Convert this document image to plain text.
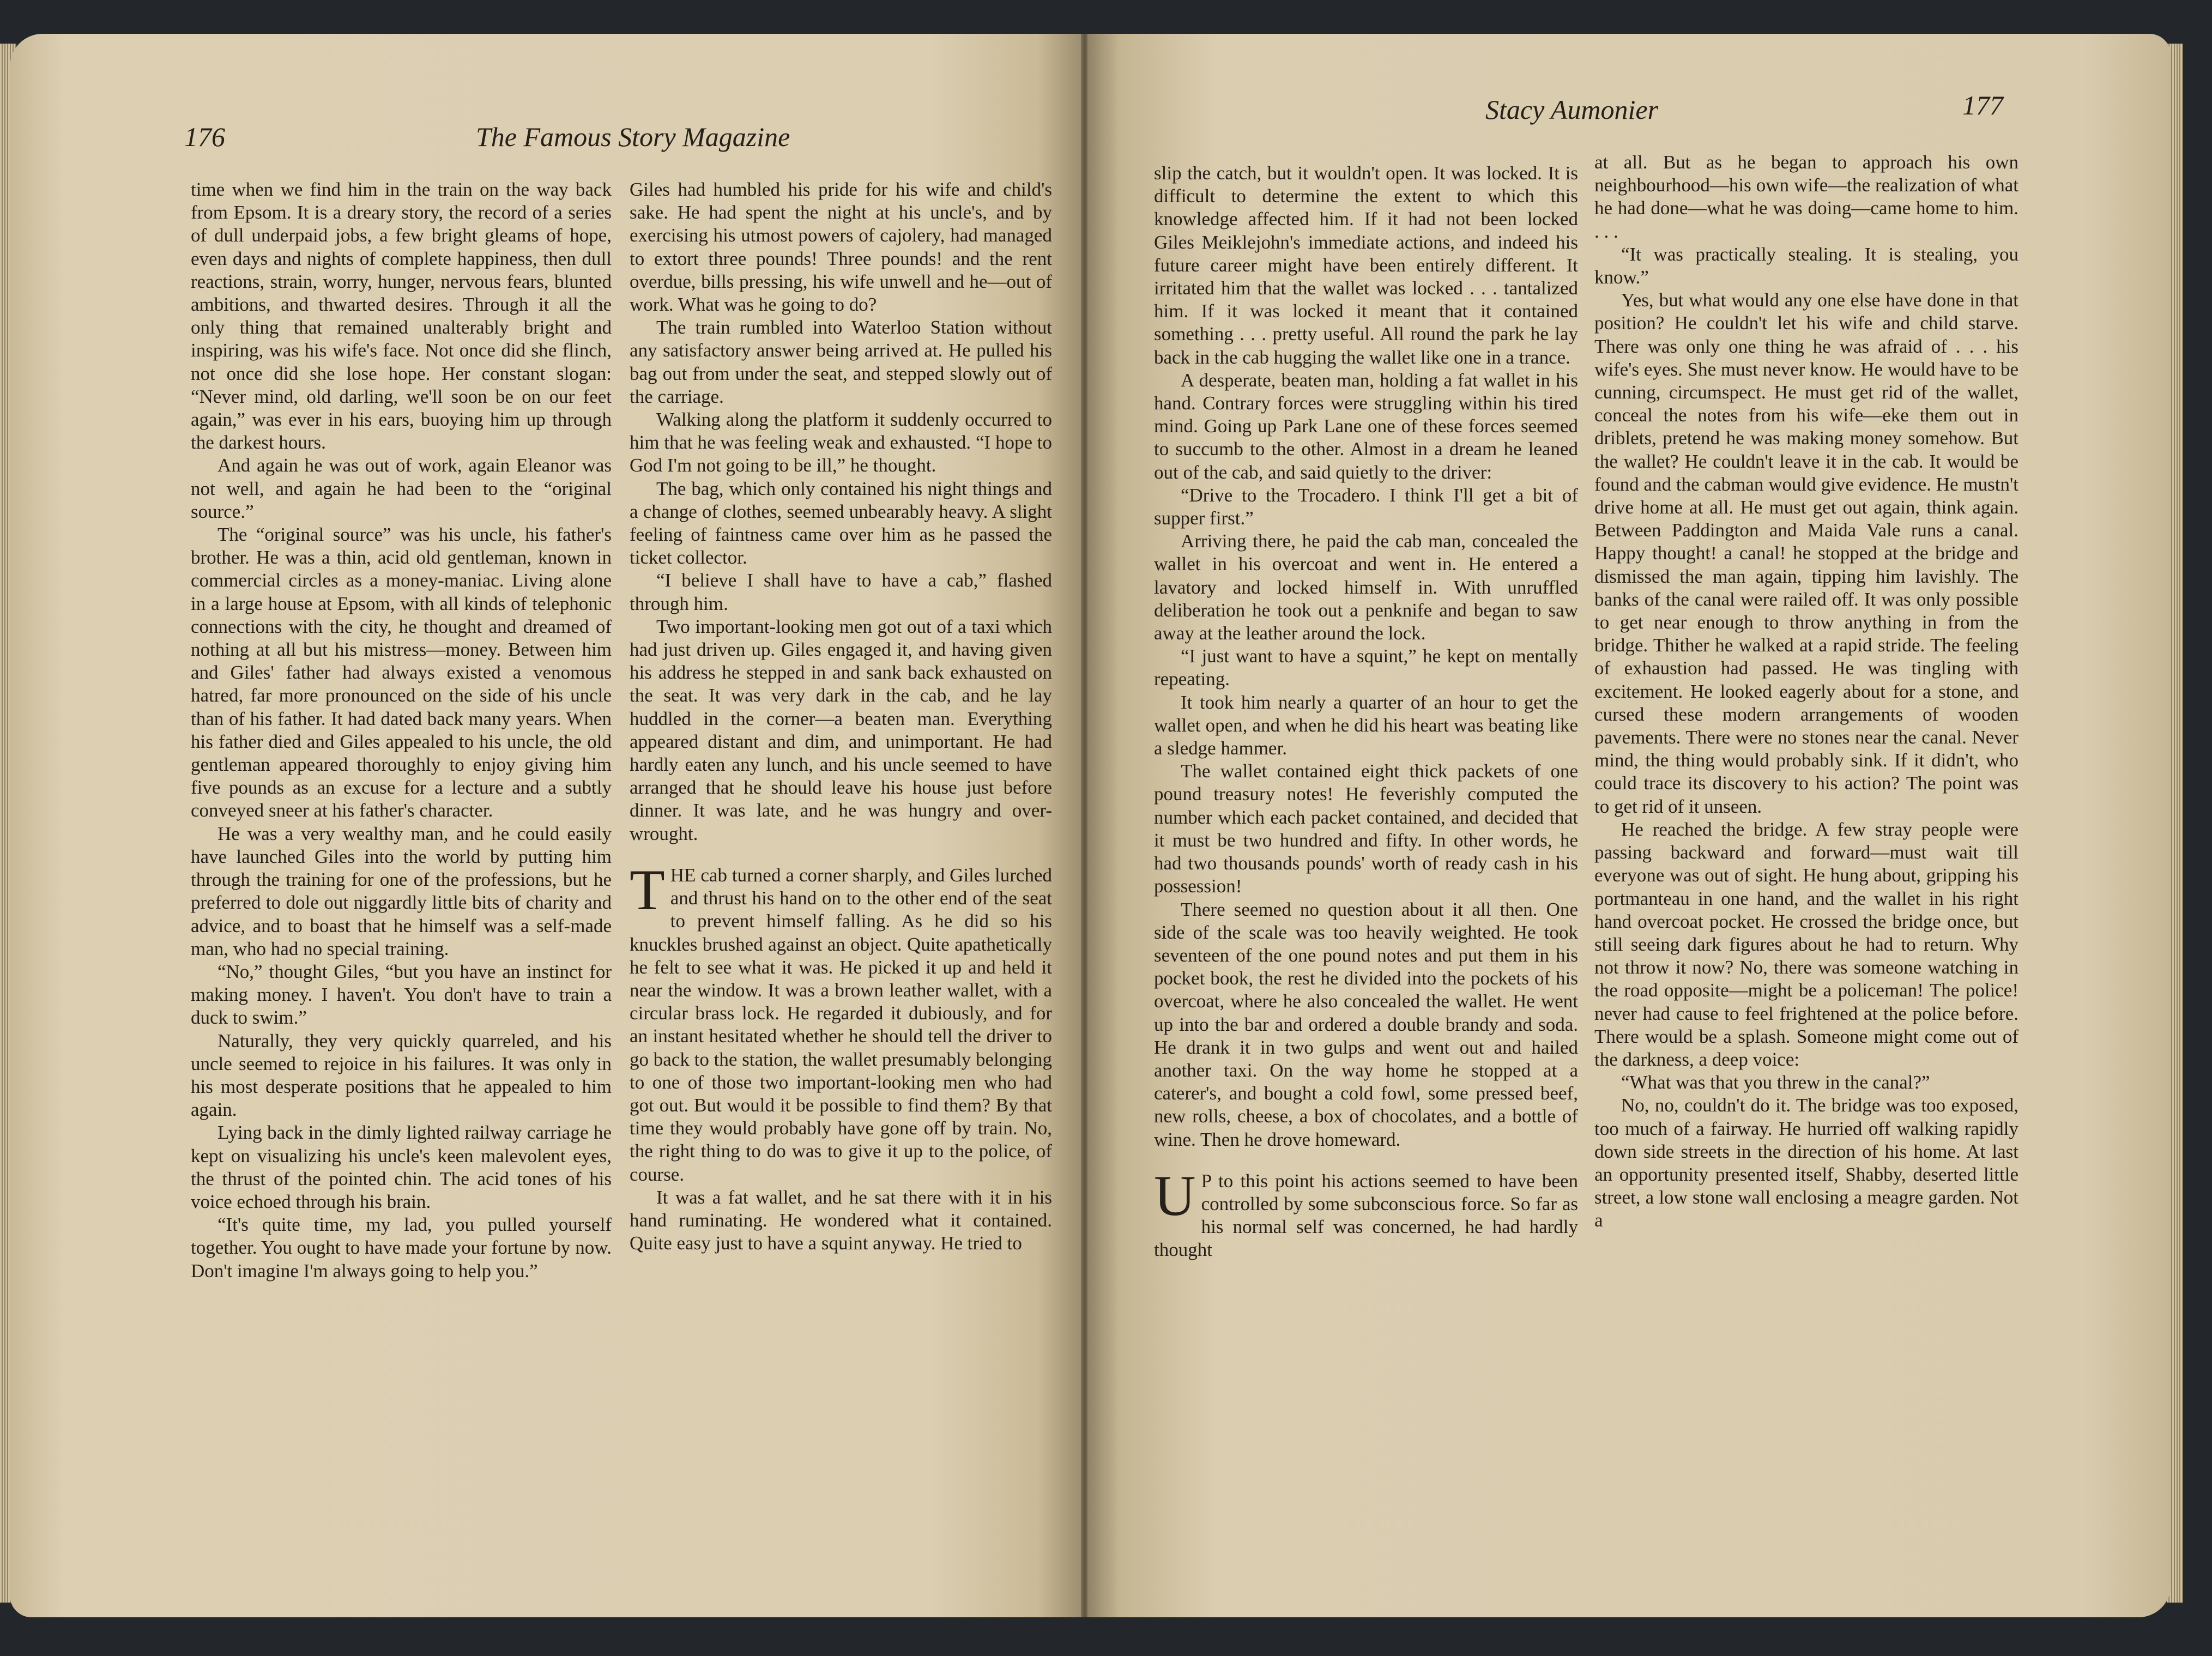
176	The Famous Story Magazine

time when we find him in the train on the way back from Epsom. It is a dreary story, the record of a series of dull underpaid jobs, a few bright gleams of hope, even days and nights of complete happiness, then dull reactions, strain, worry, hunger, nervous fears, blunted ambitions, and thwarted desires. Through it all the only thing that remained unalterably bright and inspiring, was his wife's face. Not once did she flinch, not once did she lose hope. Her constant slogan: “Never mind, old darling, we'll soon be on our feet again,” was ever in his ears, buoying him up through the darkest hours.

And again he was out of work, again Eleanor was not well, and again he had been to the “original source.”

The “original source” was his uncle, his father's brother. He was a thin, acid old gentleman, known in commercial circles as a money-maniac. Living alone in a large house at Epsom, with all kinds of telephonic connections with the city, he thought and dreamed of nothing at all but his mistress—money. Between him and Giles' father had always existed a venomous hatred, far more pronounced on the side of his uncle than of his father. It had dated back many years. When his father died and Giles appealed to his uncle, the old gentleman appeared thoroughly to enjoy giving him five pounds as an excuse for a lecture and a subtly conveyed sneer at his father's character.

He was a very wealthy man, and he could easily have launched Giles into the world by putting him through the training for one of the professions, but he preferred to dole out niggardly little bits of charity and advice, and to boast that he himself was a self-made man, who had no special training.

“No,” thought Giles, “but you have an instinct for making money. I haven't. You don't have to train a duck to swim.”

Naturally, they very quickly quarreled, and his uncle seemed to rejoice in his failures. It was only in his most desperate positions that he appealed to him again.

Lying back in the dimly lighted railway carriage he kept on visualizing his uncle's keen malevolent eyes, the thrust of the pointed chin. The acid tones of his voice echoed through his brain.

“It's quite time, my lad, you pulled yourself together. You ought to have made your fortune by now. Don't imagine I'm always going to help you.”

Giles had humbled his pride for his wife and child's sake. He had spent the night at his uncle's, and by exercising his utmost powers of cajolery, had managed to extort three pounds! Three pounds! and the rent overdue, bills pressing, his wife unwell and he—out of work. What was he going to do?

The train rumbled into Waterloo Station without any satisfactory answer being arrived at. He pulled his bag out from under the seat, and stepped slowly out of the carriage.

Walking along the platform it suddenly occurred to him that he was feeling weak and exhausted. “I hope to God I'm not going to be ill,” he thought.

The bag, which only contained his night things and a change of clothes, seemed unbearably heavy. A slight feeling of faintness came over him as he passed the ticket collector.

“I believe I shall have to have a cab,” flashed through him.

Two important-looking men got out of a taxi which had just driven up. Giles engaged it, and having given his address he stepped in and sank back exhausted on the seat. It was very dark in the cab, and he lay huddled in the corner—a beaten man. Everything appeared distant and dim, and unimportant. He had hardly eaten any lunch, and his uncle seemed to have arranged that he should leave his house just before dinner. It was late, and he was hungry and over-wrought.

THE cab turned a corner sharply, and Giles lurched and thrust his hand on to the other end of the seat to prevent himself falling. As he did so his knuckles brushed against an object. Quite apathetically he felt to see what it was. He picked it up and held it near the window. It was a brown leather wallet, with a circular brass lock. He regarded it dubiously, and for an instant hesitated whether he should tell the driver to go back to the station, the wallet presumably belonging to one of those two important-looking men who had got out. But would it be possible to find them? By that time they would probably have gone off by train. No, the right thing to do was to give it up to the police, of course.

It was a fat wallet, and he sat there with it in his hand ruminating. He wondered what it contained. Quite easy just to have a squint anyway. He tried to

Stacy Aumonier	177

slip the catch, but it wouldn't open. It was locked. It is difficult to determine the extent to which this knowledge affected him. If it had not been locked Giles Meiklejohn's immediate actions, and indeed his future career might have been entirely different. It irritated him that the wallet was locked . . . tantalized him. If it was locked it meant that it contained something . . . pretty useful. All round the park he lay back in the cab hugging the wallet like one in a trance.

A desperate, beaten man, holding a fat wallet in his hand. Contrary forces were struggling within his tired mind. Going up Park Lane one of these forces seemed to succumb to the other. Almost in a dream he leaned out of the cab, and said quietly to the driver:

“Drive to the Trocadero. I think I'll get a bit of supper first.”

Arriving there, he paid the cab man, concealed the wallet in his overcoat and went in. He entered a lavatory and locked himself in. With unruffled deliberation he took out a penknife and began to saw away at the leather around the lock.

“I just want to have a squint,” he kept on mentally repeating.

It took him nearly a quarter of an hour to get the wallet open, and when he did his heart was beating like a sledge hammer.

The wallet contained eight thick packets of one pound treasury notes! He feverishly computed the number which each packet contained, and decided that it must be two hundred and fifty. In other words, he had two thousands pounds' worth of ready cash in his possession!

There seemed no question about it all then. One side of the scale was too heavily weighted. He took seventeen of the one pound notes and put them in his pocket book, the rest he divided into the pockets of his overcoat, where he also concealed the wallet. He went up into the bar and ordered a double brandy and soda. He drank it in two gulps and went out and hailed another taxi. On the way home he stopped at a caterer's, and bought a cold fowl, some pressed beef, new rolls, cheese, a box of chocolates, and a bottle of wine. Then he drove homeward.

UP to this point his actions seemed to have been controlled by some subconscious force. So far as his normal self was concerned, he had hardly thought

at all. But as he began to approach his own neighbourhood—his own wife—the realization of what he had done—what he was doing—came home to him. . . .

“It was practically stealing. It is stealing, you know.”

Yes, but what would any one else have done in that position? He couldn't let his wife and child starve. There was only one thing he was afraid of . . . his wife's eyes. She must never know. He would have to be cunning, circumspect. He must get rid of the wallet, conceal the notes from his wife—eke them out in driblets, pretend he was making money somehow. But the wallet? He couldn't leave it in the cab. It would be found and the cabman would give evidence. He mustn't drive home at all. He must get out again, think again. Between Paddington and Maida Vale runs a canal. Happy thought! a canal! he stopped at the bridge and dismissed the man again, tipping him lavishly. The banks of the canal were railed off. It was only possible to get near enough to throw anything in from the bridge. Thither he walked at a rapid stride. The feeling of exhaustion had passed. He was tingling with excitement. He looked eagerly about for a stone, and cursed these modern arrangements of wooden pavements. There were no stones near the canal. Never mind, the thing would probably sink. If it didn't, who could trace its discovery to his action? The point was to get rid of it unseen.

He reached the bridge. A few stray people were passing backward and forward—must wait till everyone was out of sight. He hung about, gripping his portmanteau in one hand, and the wallet in his right hand overcoat pocket. He crossed the bridge once, but still seeing dark figures about he had to return. Why not throw it now? No, there was someone watching in the road opposite—might be a policeman! The police! never had cause to feel frightened at the police before. There would be a splash. Someone might come out of the darkness, a deep voice:

“What was that you threw in the canal?”

No, no, couldn't do it. The bridge was too exposed, too much of a fairway. He hurried off walking rapidly down side streets in the direction of his home. At last an opportunity presented itself, Shabby, deserted little street, a low stone wall enclosing a meagre garden. Not a
